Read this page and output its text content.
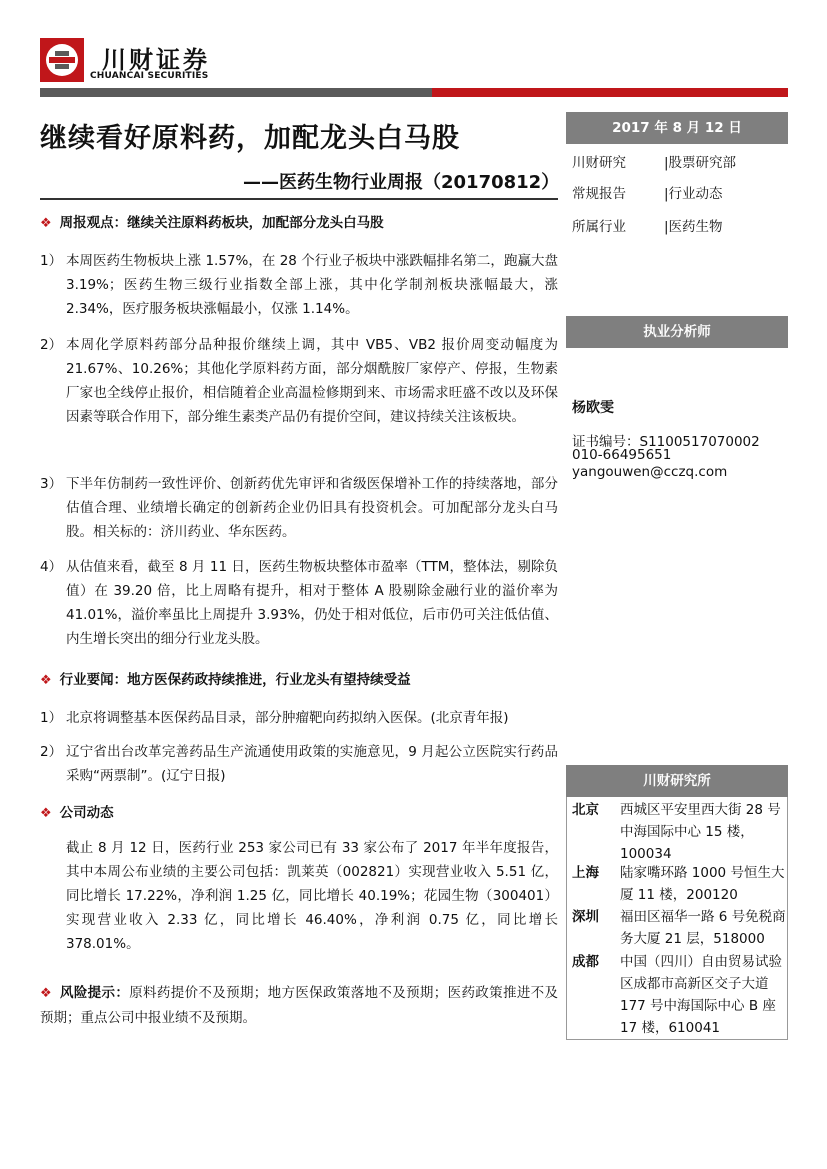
川财证券
CHUANCAI SECURITIES
继续看好原料药，加配龙头白马股
——医药生物行业周报（20170812）
❖ 周报观点：继续关注原料药板块，加配部分龙头白马股
1） 本周医药生物板块上涨 1.57%，在 28 个行业子板块中涨跌幅排名第二，跑赢大盘 3.19%；医药生物三级行业指数全部上涨，其中化学制剂板块涨幅最大，涨 2.34%，医疗服务板块涨幅最小，仅涨 1.14%。
2） 本周化学原料药部分品种报价继续上调，其中 VB5、VB2 报价周变动幅度为 21.67%、10.26%；其他化学原料药方面，部分烟酰胺厂家停产、停报，生物素厂家也全线停止报价，相信随着企业高温检修期到来、市场需求旺盛不改以及环保因素等联合作用下，部分维生素类产品仍有提价空间，建议持续关注该板块。
3） 下半年仿制药一致性评价、创新药优先审评和省级医保增补工作的持续落地，部分估值合理、业绩增长确定的创新药企业仍旧具有投资机会。可加配部分龙头白马股。相关标的：济川药业、华东医药。
4） 从估值来看，截至 8 月 11 日，医药生物板块整体市盈率（TTM，整体法，剔除负值）在 39.20 倍，比上周略有提升，相对于整体 A 股剔除金融行业的溢价率为 41.01%，溢价率虽比上周提升 3.93%，仍处于相对低位，后市仍可关注低估值、内生增长突出的细分行业龙头股。
❖ 行业要闻：地方医保药政持续推进，行业龙头有望持续受益
1） 北京将调整基本医保药品目录，部分肿瘤靶向药拟纳入医保。(北京青年报)
2） 辽宁省出台改革完善药品生产流通使用政策的实施意见，9 月起公立医院实行药品采购“两票制”。(辽宁日报)
❖ 公司动态
截止 8 月 12 日，医药行业 253 家公司已有 33 家公布了 2017 年半年度报告，其中本周公布业绩的主要公司包括：凯莱英（002821）实现营业收入 5.51 亿，同比增长 17.22%，净利润 1.25 亿，同比增长 40.19%；花园生物（300401）实现营业收入 2.33 亿，同比增长 46.40%，净利润 0.75 亿，同比增长 378.01%。
❖ 风险提示：原料药提价不及预期；地方医保政策落地不及预期；医药政策推进不及预期；重点公司中报业绩不及预期。
2017 年 8 月 12 日
川财研究	|股票研究部
常规报告	|行业动态
所属行业	|医药生物
执业分析师
杨欧雯
证书编号：S1100517070002
010-66495651
yangouwen@cczq.com
川财研究所
北京	西城区平安里西大街 28 号中海国际中心 15 楼，100034
上海	陆家嘴环路 1000 号恒生大厦 11 楼，200120
深圳	福田区福华一路 6 号免税商务大厦 21 层，518000
成都	中国（四川）自由贸易试验区成都市高新区交子大道 177 号中海国际中心 B 座 17 楼，610041
